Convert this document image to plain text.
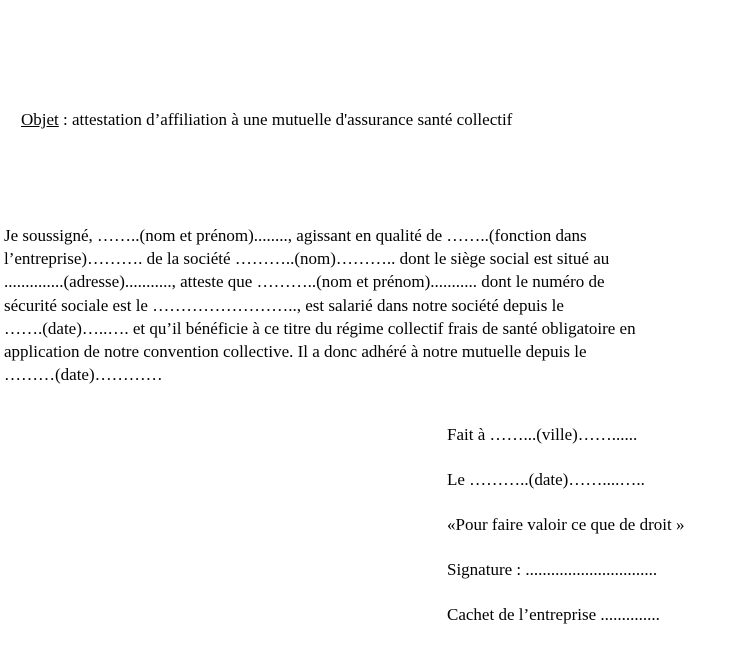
Objet : attestation d’affiliation à une mutuelle d'assurance santé collectif

Je soussigné, ……..(nom et prénom)........, agissant en qualité de ……..(fonction dans
l’entreprise)………. de la société ………..(nom)……….. dont le siège social est situé au
..............(adresse)..........., atteste que ………..(nom et prénom)........... dont le numéro de
sécurité sociale est le …………………….., est salarié dans notre société depuis le
…….(date)…..…. et qu’il bénéficie à ce titre du régime collectif frais de santé obligatoire en
application de notre convention collective. Il a donc adhéré à notre mutuelle depuis le
………(date)…………
Fait à ……...(ville)……......
Le ………..(date)……....…..
«Pour faire valoir ce que de droit »
Signature : ...............................
Cachet de l’entreprise ..............
